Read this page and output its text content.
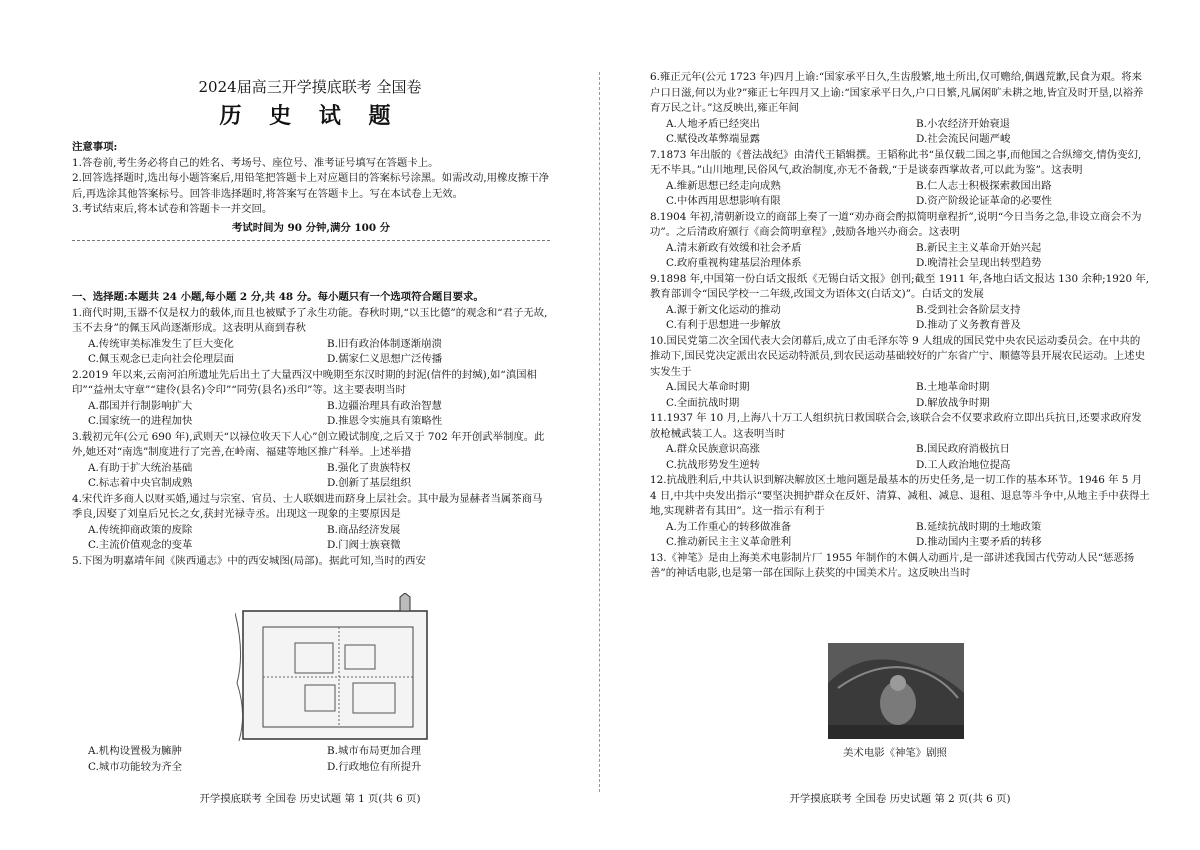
2024届高三开学摸底联考 全国卷
历 史 试 题
注意事项:
1.答卷前,考生务必将自己的姓名、考场号、座位号、准考证号填写在答题卡上。
2.回答选择题时,选出每小题答案后,用铅笔把答题卡上对应题目的答案标号涂黑。如需改动,用橡皮擦干净后,再选涂其他答案标号。回答非选择题时,将答案写在答题卡上。写在本试卷上无效。
3.考试结束后,将本试卷和答题卡一并交回。
考试时间为 90 分钟,满分 100 分
一、选择题:本题共 24 小题,每小题 2 分,共 48 分。每小题只有一个选项符合题目要求。
1.商代时期,玉器不仅是权力的载体,而且也被赋予了永生功能。春秋时期,“以玉比德”的观念和“君子无故,玉不去身”的佩玉风尚逐渐形成。这表明从商到春秋
A.传统审美标准发生了巨大变化	B.旧有政治体制逐渐崩溃
C.佩玉观念已走向社会伦理层面	D.儒家仁义思想广泛传播
2.2019 年以来,云南河泊所遗址先后出土了大量西汉中晚期至东汉时期的封泥(信件的封缄),如“滇国相印”“益州太守章”“建伶(县名)令印”“同劳(县名)丞印”等。这主要表明当时
A.郡国并行制影响扩大	B.边疆治理具有政治智慧
C.国家统一的进程加快	D.推恩令实施具有策略性
3.载初元年(公元 690 年),武则天“以禄位收天下人心”创立殿试制度,之后又于 702 年开创武举制度。此外,她还对“南选”制度进行了完善,在岭南、福建等地区推广科举。上述举措
A.有助于扩大统治基础	B.强化了贵族特权
C.标志着中央官制成熟	D.创新了基层组织
4.宋代许多商人以财买婚,通过与宗室、官员、士人联姻进而跻身上层社会。其中最为显赫者当属茶商马季良,因娶了刘皇后兄长之女,获封光禄寺丞。出现这一现象的主要原因是
A.传统抑商政策的废除	B.商品经济发展
C.主流价值观念的变革	D.门阀士族衰微
5.下图为明嘉靖年间《陕西通志》中的西安城图(局部)。据此可知,当时的西安
A.机构设置极为臃肿	B.城市布局更加合理
C.城市功能较为齐全	D.行政地位有所提升
开学摸底联考 全国卷 历史试题 第 1 页(共 6 页)
6.雍正元年(公元 1723 年)四月上谕:“国家承平日久,生齿殷繁,地土所出,仅可赡给,偶遇荒歉,民食为艰。将来户口日滋,何以为业?”雍正七年四月又上谕:“国家承平日久,户口日繁,凡属闲旷未耕之地,皆宜及时开垦,以裕养育万民之计。”这反映出,雍正年间
A.人地矛盾已经突出	B.小农经济开始衰退
C.赋役改革弊端显露	D.社会流民问题严峻
7.1873 年出版的《普法战纪》由清代王韬辑撰。王韬称此书“虽仅载二国之事,而他国之合纵缔交,情伪变幻,无不毕具。”山川地理,民俗风气,政治制度,亦无不备载,“于是谈泰西掌故者,可以此为鉴”。这表明
A.维新思想已经走向成熟	B.仁人志士积极探索救国出路
C.中体西用思想影响有限	D.资产阶级论证革命的必要性
8.1904 年初,清朝新设立的商部上奏了一道“劝办商会酌拟简明章程折”,说明“今日当务之急,非设立商会不为功”。之后清政府颁行《商会简明章程》,鼓励各地兴办商会。这表明
A.清末新政有效缓和社会矛盾	B.新民主主义革命开始兴起
C.政府重视构建基层治理体系	D.晚清社会呈现出转型趋势
9.1898 年,中国第一份白话文报纸《无锡白话文报》创刊;截至 1911 年,各地白话文报达 130 余种;1920 年,教育部训令“国民学校一二年级,改国文为语体文(白话文)”。白话文的发展
A.源于新文化运动的推动	B.受到社会各阶层支持
C.有利于思想进一步解放	D.推动了义务教育普及
10.国民党第二次全国代表大会闭幕后,成立了由毛泽东等 9 人组成的国民党中央农民运动委员会。在中共的推动下,国民党决定派出农民运动特派员,到农民运动基础较好的广东省广宁、顺德等县开展农民运动。上述史实发生于
A.国民大革命时期	B.土地革命时期
C.全面抗战时期	D.解放战争时期
11.1937 年 10 月,上海八十万工人组织抗日救国联合会,该联合会不仅要求政府立即出兵抗日,还要求政府发放枪械武装工人。这表明当时
A.群众民族意识高涨	B.国民政府消极抗日
C.抗战形势发生逆转	D.工人政治地位提高
12.抗战胜利后,中共认识到解决解放区土地问题是最基本的历史任务,是一切工作的基本环节。1946 年 5 月 4 日,中共中央发出指示“要坚决拥护群众在反奸、清算、减租、减息、退租、退息等斗争中,从地主手中获得土地,实现耕者有其田”。这一指示有利于
A.为工作重心的转移做准备	B.延续抗战时期的土地政策
C.推动新民主主义革命胜利	D.推动国内主要矛盾的转移
13.《神笔》是由上海美术电影制片厂 1955 年制作的木偶人动画片,是一部讲述我国古代劳动人民“惩恶扬善”的神话电影,也是第一部在国际上获奖的中国美术片。这反映出当时
美术电影《神笔》剧照
开学摸底联考 全国卷 历史试题 第 2 页(共 6 页)
